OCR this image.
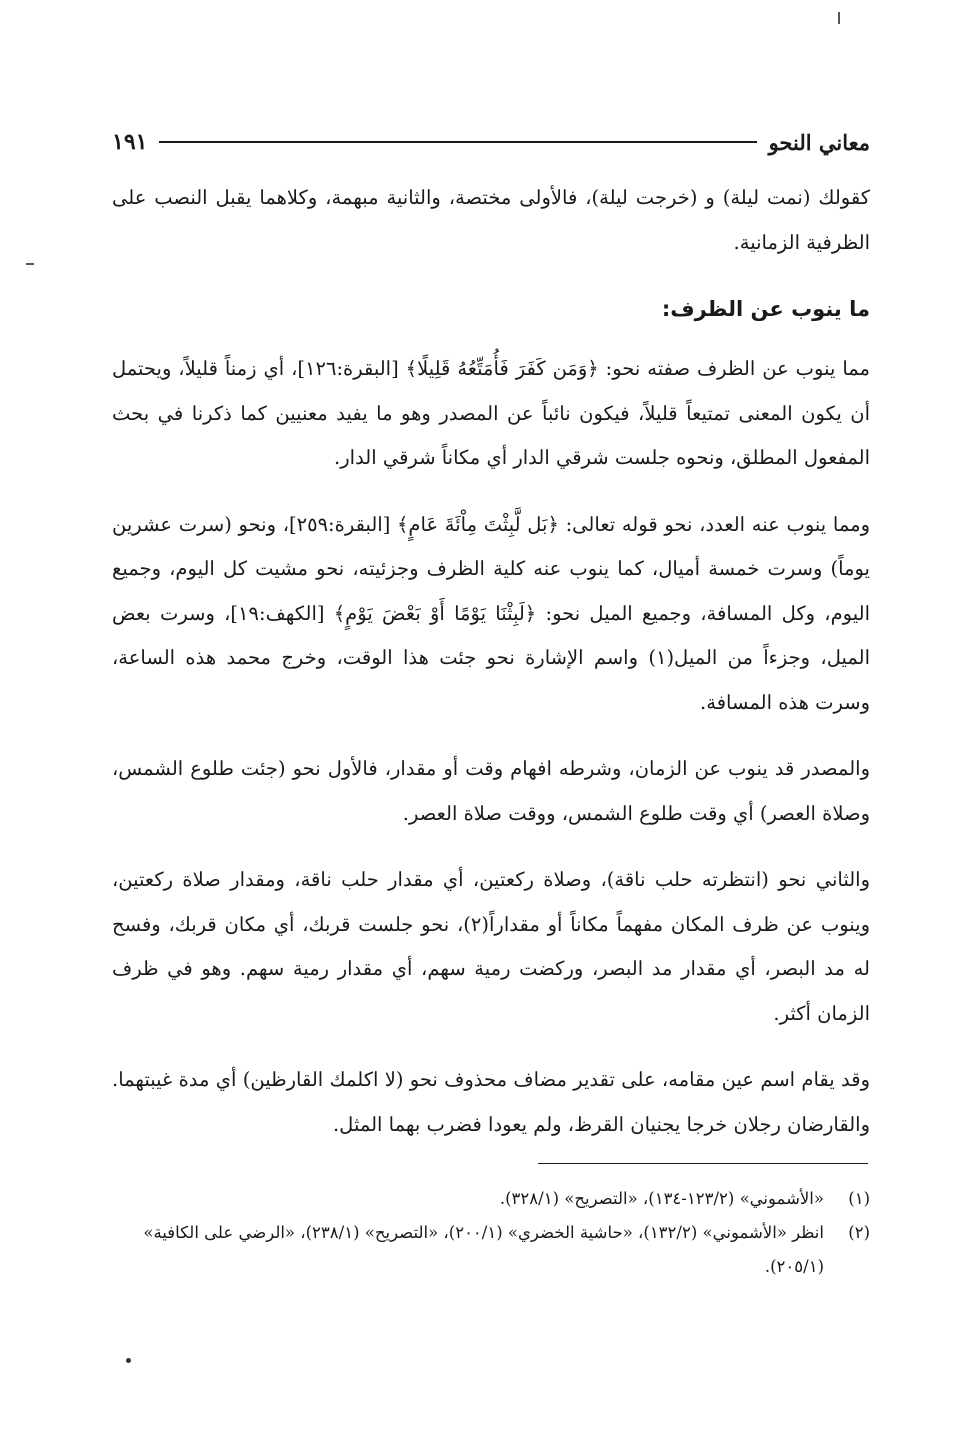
معاني النحو
١٩١

كقولك (نمت ليلة) و (خرجت ليلة)، فالأولى مختصة، والثانية مبهمة، وكلاهما يقبل النصب على الظرفية الزمانية.

ما ينوب عن الظرف:

مما ينوب عن الظرف صفته نحو: ﴿وَمَن كَفَرَ فَأُمَتِّعُهُ قَلِيلًا﴾ [البقرة:١٢٦]، أي زمناً قليلاً، ويحتمل أن يكون المعنى تمتيعاً قليلاً، فيكون نائباً عن المصدر وهو ما يفيد معنيين كما ذكرنا في بحث المفعول المطلق، ونحوه جلست شرقي الدار أي مكاناً شرقي الدار.

ومما ينوب عنه العدد، نحو قوله تعالى: ﴿بَل لَّبِثْتَ مِاْئَةَ عَامٍ﴾ [البقرة:٢٥٩]، ونحو (سرت عشرين يوماً) وسرت خمسة أميال، كما ينوب عنه كلية الظرف وجزئيته، نحو مشيت كل اليوم، وجميع اليوم، وكل المسافة، وجميع الميل نحو: ﴿لَبِثْنَا يَوْمًا أَوْ بَعْضَ يَوْمٍ﴾ [الكهف:١٩]، وسرت بعض الميل، وجزءاً من الميل(١) واسم الإشارة نحو جئت هذا الوقت، وخرج محمد هذه الساعة، وسرت هذه المسافة.

والمصدر قد ينوب عن الزمان، وشرطه افهام وقت أو مقدار، فالأول نحو (جئت طلوع الشمس، وصلاة العصر) أي وقت طلوع الشمس، ووقت صلاة العصر.

والثاني نحو (انتظرته حلب ناقة)، وصلاة ركعتين، أي مقدار حلب ناقة، ومقدار صلاة ركعتين، وينوب عن ظرف المكان مفهماً مكاناً أو مقداراً(٢)، نحو جلست قربك، أي مكان قربك، وفسح له مد البصر، أي مقدار مد البصر، وركضت رمية سهم، أي مقدار رمية سهم. وهو في ظرف الزمان أكثر.

وقد يقام اسم عين مقامه، على تقدير مضاف محذوف نحو (لا اكلمك القارظين) أي مدة غيبتهما. والقارضان رجلان خرجا يجنيان القرظ، ولم يعودا فضرب بهما المثل.

(١)
«الأشموني» (١٢٣/٢-١٣٤)، «التصريح» (٣٢٨/١).
(٢)
انظر «الأشموني» (١٣٢/٢)، «حاشية الخضري» (٢٠٠/١)، «التصريح» (٢٣٨/١)، «الرضي على الكافية» (٢٠٥/١).
